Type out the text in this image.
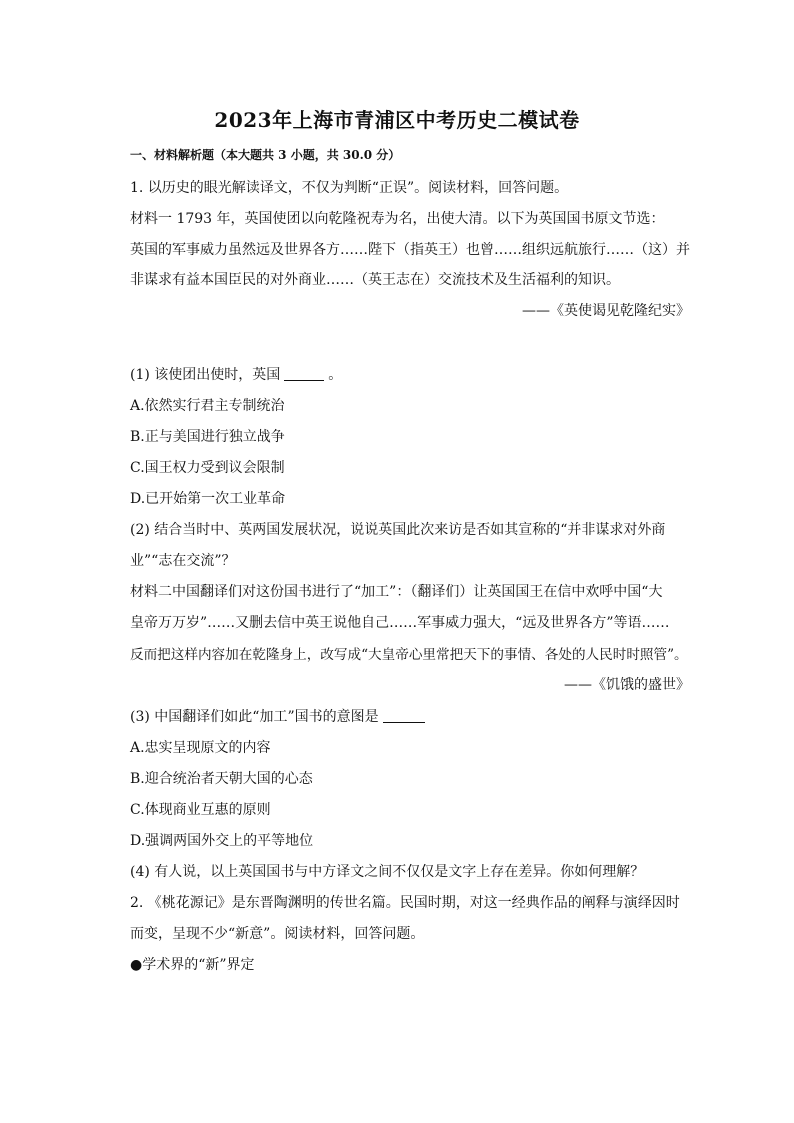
2023年上海市青浦区中考历史二模试卷
一、材料解析题（本大题共 3 小题，共 30.0 分）
1. 以历史的眼光解读译文，不仅为判断“正误”。阅读材料，回答问题。
材料一 1793 年，英国使团以向乾隆祝寿为名，出使大清。以下为英国国书原文节选：
英国的军事威力虽然远及世界各方……陛下（指英王）也曾……组织远航旅行……（这）并
非谋求有益本国臣民的对外商业……（英王志在）交流技术及生活福利的知识。
——《英使谒见乾隆纪实》
(1) 该使团出使时，英国	。
A.依然实行君主专制统治
B.正与美国进行独立战争
C.国王权力受到议会限制
D.已开始第一次工业革命
(2) 结合当时中、英两国发展状况，说说英国此次来访是否如其宣称的“并非谋求对外商
业”“志在交流”？
材料二中国翻译们对这份国书进行了“加工”：（翻译们）让英国国王在信中欢呼中国“大
皇帝万万岁”……又删去信中英王说他自己……军事威力强大，“远及世界各方”等语……
反而把这样内容加在乾隆身上，改写成“大皇帝心里常把天下的事情、各处的人民时时照管”。
——《饥饿的盛世》
(3) 中国翻译们如此“加工”国书的意图是
A.忠实呈现原文的内容
B.迎合统治者天朝大国的心态
C.体现商业互惠的原则
D.强调两国外交上的平等地位
(4) 有人说，以上英国国书与中方译文之间不仅仅是文字上存在差异。你如何理解？
2. 《桃花源记》是东晋陶渊明的传世名篇。民国时期，对这一经典作品的阐释与演绎因时
而变，呈现不少“新意”。阅读材料，回答问题。
●学术界的“新”界定
